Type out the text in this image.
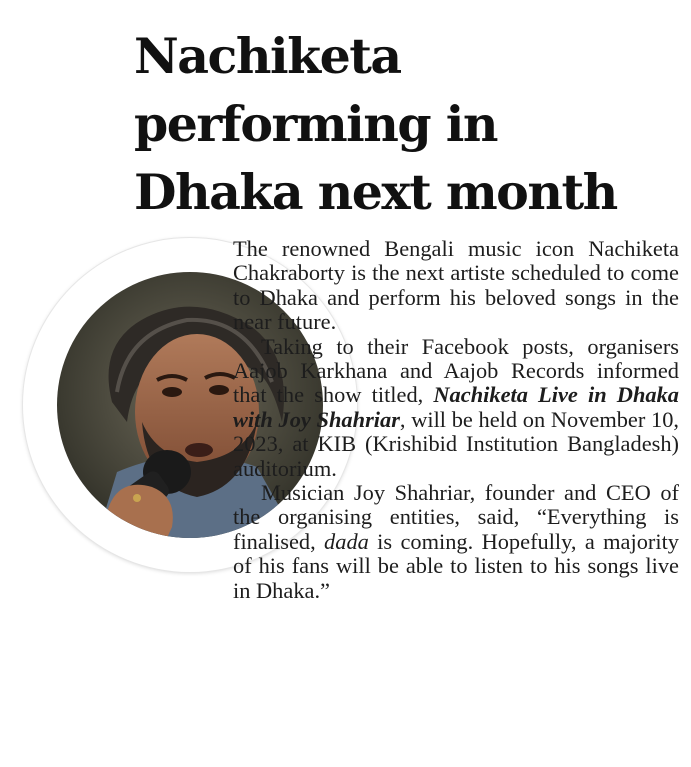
Nachiketa performing in Dhaka next month

The renowned Bengali music icon Nachiketa Chakraborty is the next artiste scheduled to come to Dhaka and perform his beloved songs in the near future.

Taking to their Facebook posts, organisers Aajob Karkhana and Aajob Records informed that the show titled, Nachiketa Live in Dhaka with Joy Shahriar, will be held on November 10, 2023, at KIB (Krishibid Institution Bangladesh) auditorium.

Musician Joy Shahriar, founder and CEO of the organising entities, said, “Everything is finalised, dada is coming. Hopefully, a majority of his fans will be able to listen to his songs live in Dhaka.”
